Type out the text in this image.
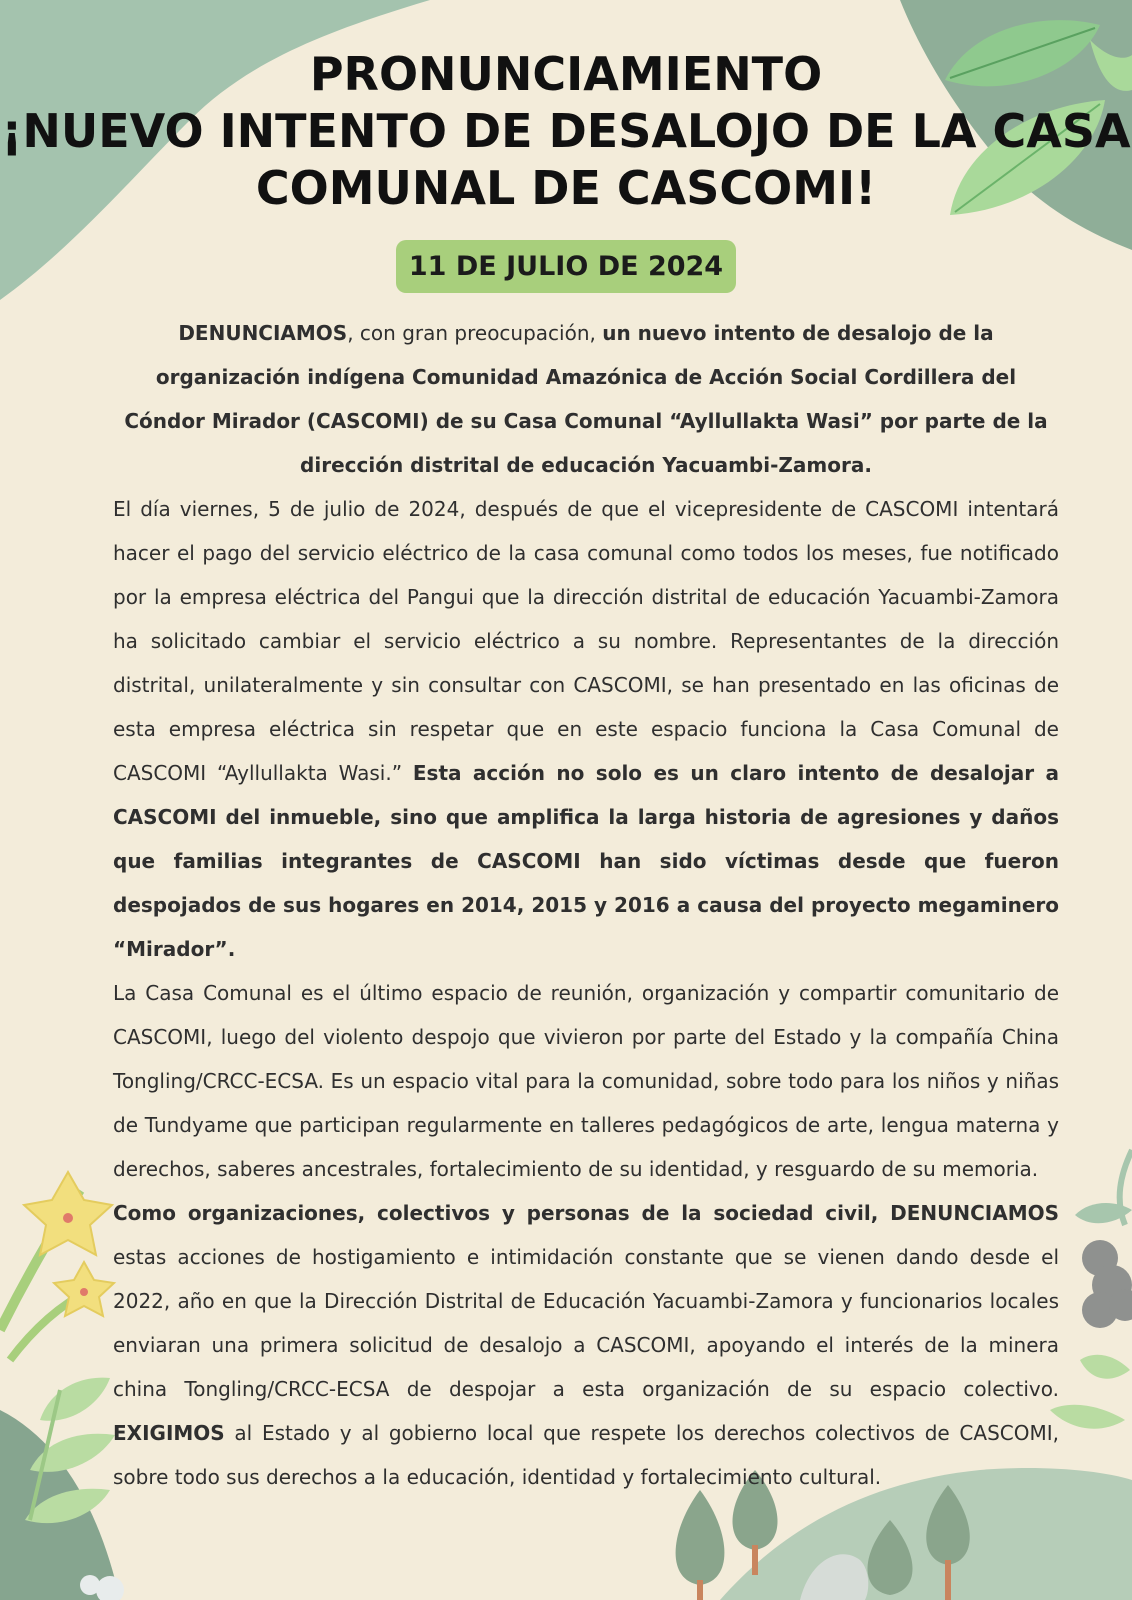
PRONUNCIAMIENTO
¡NUEVO INTENTO DE DESALOJO DE LA CASA
COMUNAL DE CASCOMI!
11 DE JULIO DE 2024

DENUNCIAMOS, con gran preocupación, un nuevo intento de desalojo de la organización indígena Comunidad Amazónica de Acción Social Cordillera del Cóndor Mirador (CASCOMI) de su Casa Comunal “Ayllullakta Wasi” por parte de la dirección distrital de educación Yacuambi-Zamora.

El día viernes, 5 de julio de 2024, después de que el vicepresidente de CASCOMI intentará hacer el pago del servicio eléctrico de la casa comunal como todos los meses, fue notificado por la empresa eléctrica del Pangui que la dirección distrital de educación Yacuambi-Zamora ha solicitado cambiar el servicio eléctrico a su nombre. Representantes de la dirección distrital, unilateralmente y sin consultar con CASCOMI, se han presentado en las oficinas de esta empresa eléctrica sin respetar que en este espacio funciona la Casa Comunal de CASCOMI “Ayllullakta Wasi.” Esta acción no solo es un claro intento de desalojar a CASCOMI del inmueble, sino que amplifica la larga historia de agresiones y daños que familias integrantes de CASCOMI han sido víctimas desde que fueron despojados de sus hogares en 2014, 2015 y 2016 a causa del proyecto megaminero “Mirador”.

La Casa Comunal es el último espacio de reunión, organización y compartir comunitario de CASCOMI, luego del violento despojo que vivieron por parte del Estado y la compañía China Tongling/CRCC-ECSA. Es un espacio vital para la comunidad, sobre todo para los niños y niñas de Tundyame que participan regularmente en talleres pedagógicos de arte, lengua materna y derechos, saberes ancestrales, fortalecimiento de su identidad, y resguardo de su memoria.

Como organizaciones, colectivos y personas de la sociedad civil, DENUNCIAMOS estas acciones de hostigamiento e intimidación constante que se vienen dando desde el 2022, año en que la Dirección Distrital de Educación Yacuambi-Zamora y funcionarios locales enviaran una primera solicitud de desalojo a CASCOMI, apoyando el interés de la minera china Tongling/CRCC-ECSA de despojar a esta organización de su espacio colectivo. EXIGIMOS al Estado y al gobierno local que respete los derechos colectivos de CASCOMI, sobre todo sus derechos a la educación, identidad y fortalecimiento cultural.
